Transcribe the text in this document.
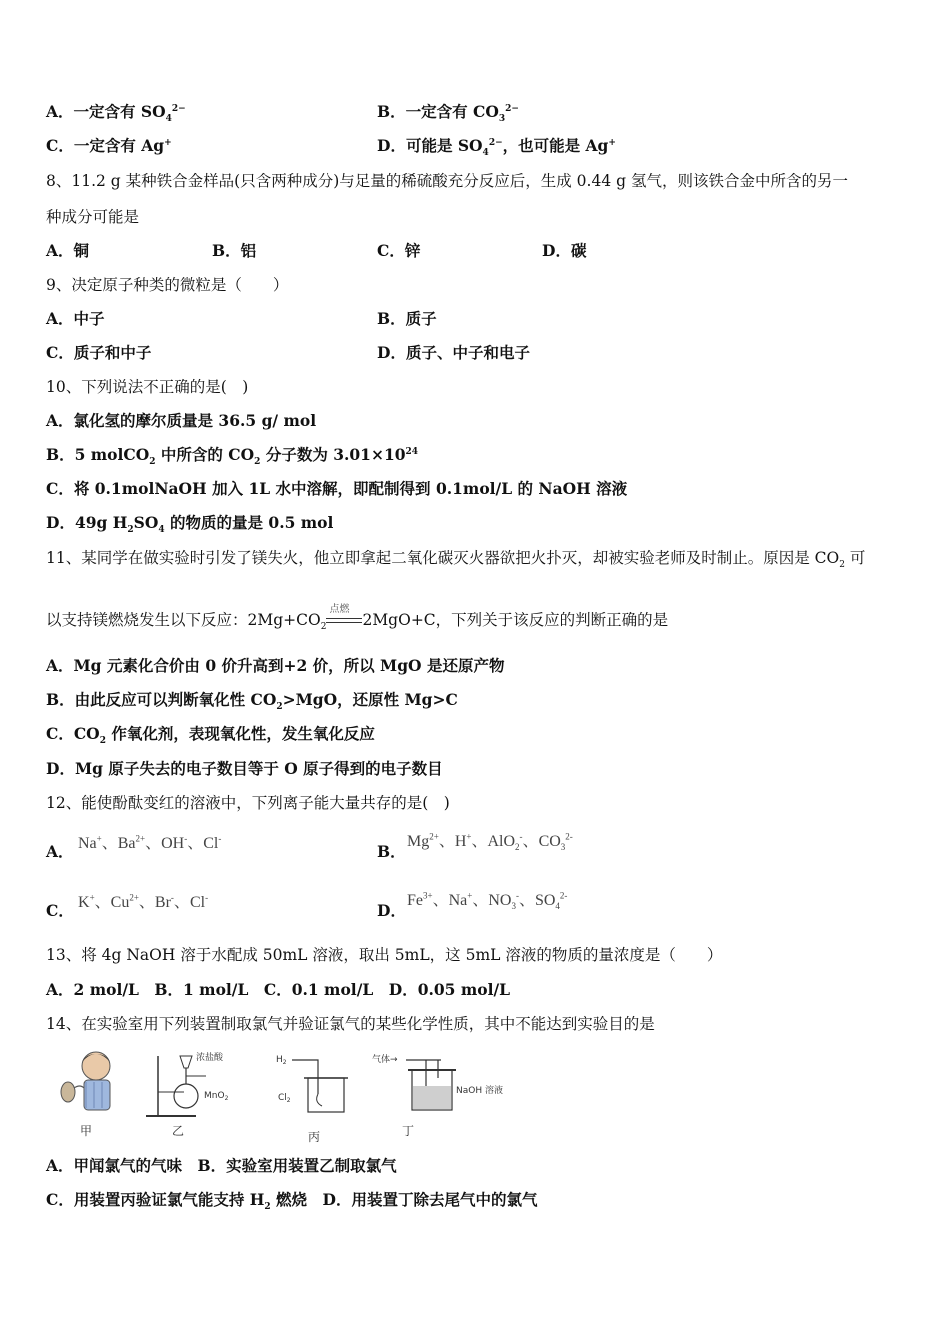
A．一定含有 $SO_4^{2-}$	B．一定含有 $CO_3^{2-}$
C．一定含有 Ag+	D．可能是 $SO_4^{2-}$，也可能是 Ag+
8、11.2 g 某种铁合金样品(只含两种成分)与足量的稀硫酸充分反应后，生成 0.44 g 氢气，则该铁合金中所含的另一
种成分可能是
A．铜	B．铝	C．锌	D．碳
9、决定原子种类的微粒是（　　）
A．中子	B．质子
C．质子和中子	D．质子、中子和电子
10、下列说法不正确的是(　)
A．氯化氢的摩尔质量是 36.5 g/ mol
B．5 molCO$_2$ 中所含的 $CO_2$ 分子数为 $3.01\times 10^{24}$
C．将 0.1molNaOH 加入 1L 水中溶解，即配制得到 0.1mol/L 的 NaOH 溶液
D．49g $H_2SO_4$ 的物质的量是 0.5 mol
11、某同学在做实验时引发了镁失火，他立即拿起二氧化碳灭火器欲把火扑灭，却被实验老师及时制止。原因是 $CO_2$ 可
以支持镁燃烧发生以下反应：$2Mg+CO_2$
点燃
2MgO+C，下列关于该反应的判断正确的是
A．Mg 元素化合价由 0 价升高到+2 价，所以 MgO 是还原产物
B．由此反应可以判断氧化性 $CO_2>MgO$，还原性 Mg>C
C．$CO_2$ 作氧化剂，表现氧化性，发生氧化反应
D．Mg 原子失去的电子数目等于 O 原子得到的电子数目
12、能使酚酞变红的溶液中，下列离子能大量共存的是(　)
A． Na+、$Ba^{2+}$、OH-、Cl-
B．
$Mg^{2+}$、H+、AlO$_2$-、$CO_3^{2-}$
C． K+、$Cu^{2+}$、Br-、Cl-
D．
$Fe^{3+}$、Na+、$NO_3^-$、$SO_4^{2-}$
13、将 4g NaOH 溶于水配成 50mL 溶液，取出 5mL，这 5mL 溶液的物质的量浓度是（　　）
A．2 mol/L　B．1 mol/L　C．0.1 mol/L　D．0.05 mol/L
14、在实验室用下列装置制取氯气并验证氯气的某些化学性质，其中不能达到实验目的是
浓盐酸
MnO$_2$
$H_2$
$Cl_2$
气体→
NaOH 溶液
甲	乙	丙	丁
A．甲闻氯气的气味　B．实验室用装置乙制取氯气
C．用装置丙验证氯气能支持 $H_2$ 燃烧　D．用装置丁除去尾气中的氯气
